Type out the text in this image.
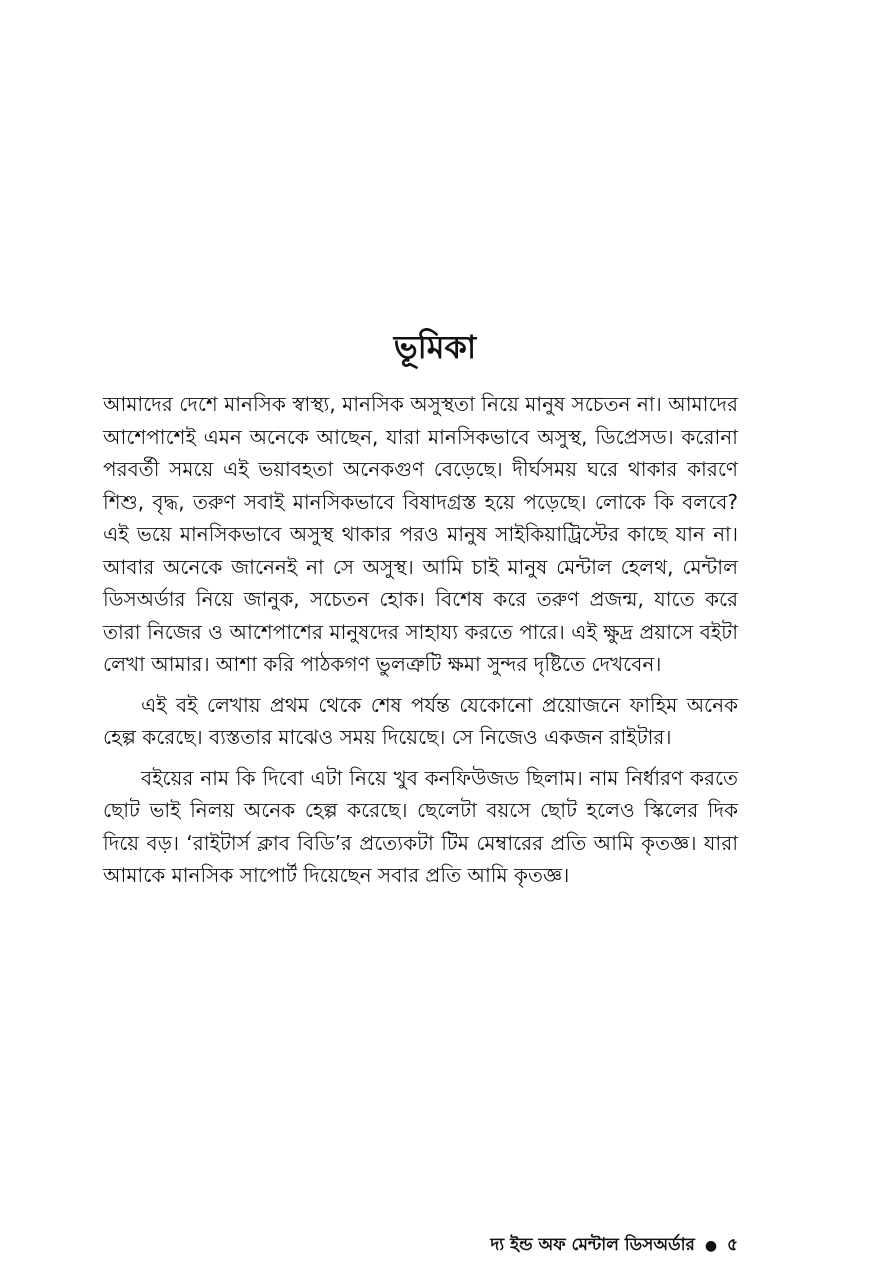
ভূমিকা

আমাদের দেশে মানসিক স্বাস্থ্য, মানসিক অসুস্থতা নিয়ে মানুষ সচেতন না। আমাদের আশেপাশেই এমন অনেকে আছেন, যারা মানসিকভাবে অসুস্থ, ডিপ্রেসড। করোনা পরবর্তী সময়ে এই ভয়াবহতা অনেকগুণ বেড়েছে। দীর্ঘসময় ঘরে থাকার কারণে শিশু, বৃদ্ধ, তরুণ সবাই মানসিকভাবে বিষাদগ্রস্ত হয়ে পড়েছে। লোকে কি বলবে? এই ভয়ে মানসিকভাবে অসুস্থ থাকার পরও মানুষ সাইকিয়াট্রিস্টের কাছে যান না। আবার অনেকে জানেনই না সে অসুস্থ। আমি চাই মানুষ মেন্টাল হেলথ, মেন্টাল ডিসঅর্ডার নিয়ে জানুক, সচেতন হোক। বিশেষ করে তরুণ প্রজন্ম, যাতে করে তারা নিজের ও আশেপাশের মানুষদের সাহায্য করতে পারে। এই ক্ষুদ্র প্রয়াসে বইটা লেখা আমার। আশা করি পাঠকগণ ভুলত্রুটি ক্ষমা সুন্দর দৃষ্টিতে দেখবেন।

এই বই লেখায় প্রথম থেকে শেষ পর্যন্ত যেকোনো প্রয়োজনে ফাহিম অনেক হেল্প করেছে। ব্যস্ততার মাঝেও সময় দিয়েছে। সে নিজেও একজন রাইটার।

বইয়ের নাম কি দিবো এটা নিয়ে খুব কনফিউজড ছিলাম। নাম নির্ধারণ করতে ছোট ভাই নিলয় অনেক হেল্প করেছে। ছেলেটা বয়সে ছোট হলেও স্কিলের দিক দিয়ে বড়। ‘রাইটার্স ক্লাব বিডি’র প্রত্যেকটা টিম মেম্বারের প্রতি আমি কৃতজ্ঞ। যারা আমাকে মানসিক সাপোর্ট দিয়েছেন সবার প্রতি আমি কৃতজ্ঞ।

দ্য ইন্ড অফ মেন্টাল ডিসঅর্ডার ● ৫
